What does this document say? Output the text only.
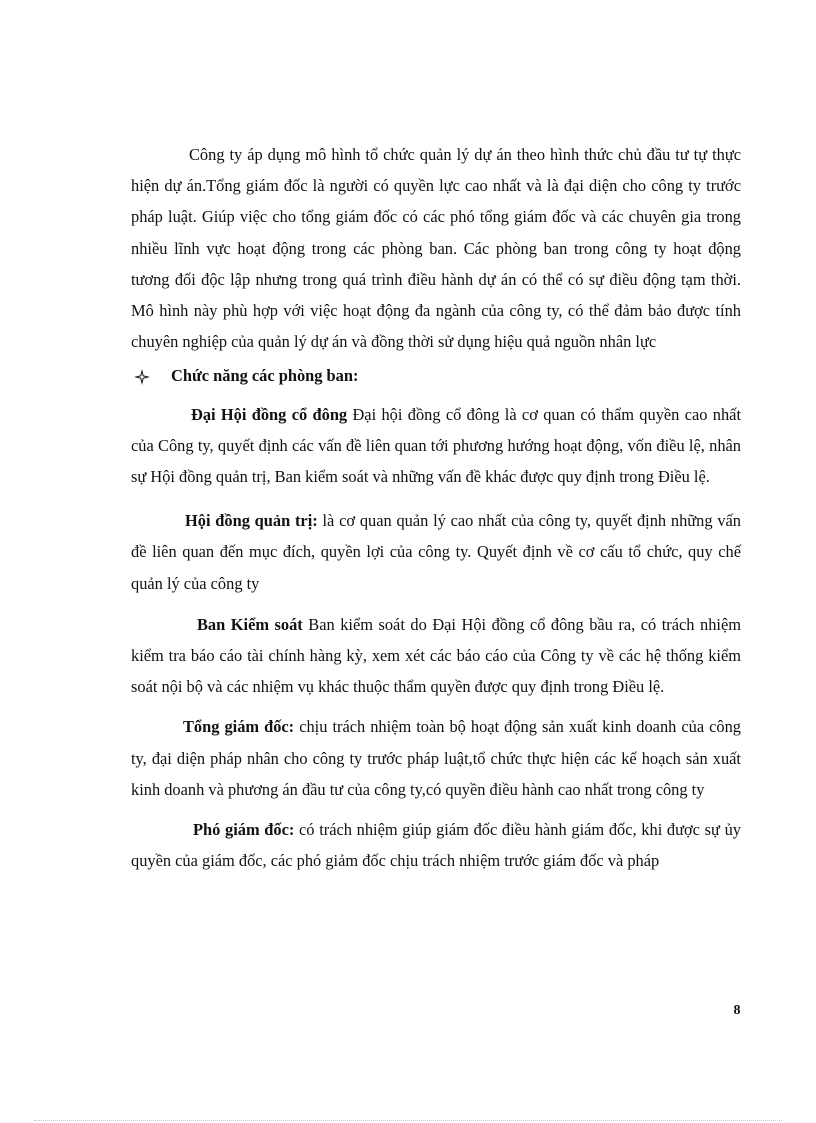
Công ty áp dụng mô hình tổ chức quản lý dự án theo hình thức chủ đầu tư tự thực hiện dự án.Tổng giám đốc là người có quyền lực cao nhất và là đại diện cho công ty trước pháp luật. Giúp việc cho tổng giám đốc có các phó tổng giám đốc và các chuyên gia trong nhiều lĩnh vực hoạt động trong các phòng ban. Các phòng ban trong công ty hoạt động tương đối độc lập nhưng trong quá trình điều hành dự án có thể có sự điều động tạm thời. Mô hình này phù hợp với việc hoạt động đa ngành của công ty, có thể đảm bảo được tính chuyên nghiệp của quản lý dự án và đồng thời sử dụng hiệu quả nguồn nhân lực

Chức năng các phòng ban:

Đại Hội đồng cổ đông Đại hội đồng cổ đông là cơ quan có thẩm quyền cao nhất của Công ty, quyết định các vấn đề liên quan tới phương hướng hoạt động, vốn điều lệ, nhân sự Hội đồng quản trị, Ban kiểm soát và những vấn đề khác được quy định trong Điều lệ.

Hội đồng quản trị: là cơ quan quản lý cao nhất của công ty, quyết định những vấn đề liên quan đến mục đích, quyền lợi của công ty. Quyết định về cơ cấu tổ chức, quy chế quản lý của công ty

Ban Kiểm soát Ban kiểm soát do Đại Hội đồng cổ đông bầu ra, có trách nhiệm kiểm tra báo cáo tài chính hàng kỳ, xem xét các báo cáo của Công ty về các hệ thống kiểm soát nội bộ và các nhiệm vụ khác thuộc thẩm quyền được quy định trong Điều lệ.

Tổng giám đốc: chịu trách nhiệm toàn bộ hoạt động sản xuất kinh doanh của công ty, đại diện pháp nhân cho công ty trước pháp luật,tổ chức thực hiện các kế hoạch sản xuất kinh doanh và phương án đầu tư của công ty,có quyền điều hành cao nhất trong công ty

Phó giám đốc: có trách nhiệm giúp giám đốc điều hành giám đốc, khi được sự ủy quyền của giám đốc, các phó giảm đốc chịu trách nhiệm trước giám đốc và pháp

8
